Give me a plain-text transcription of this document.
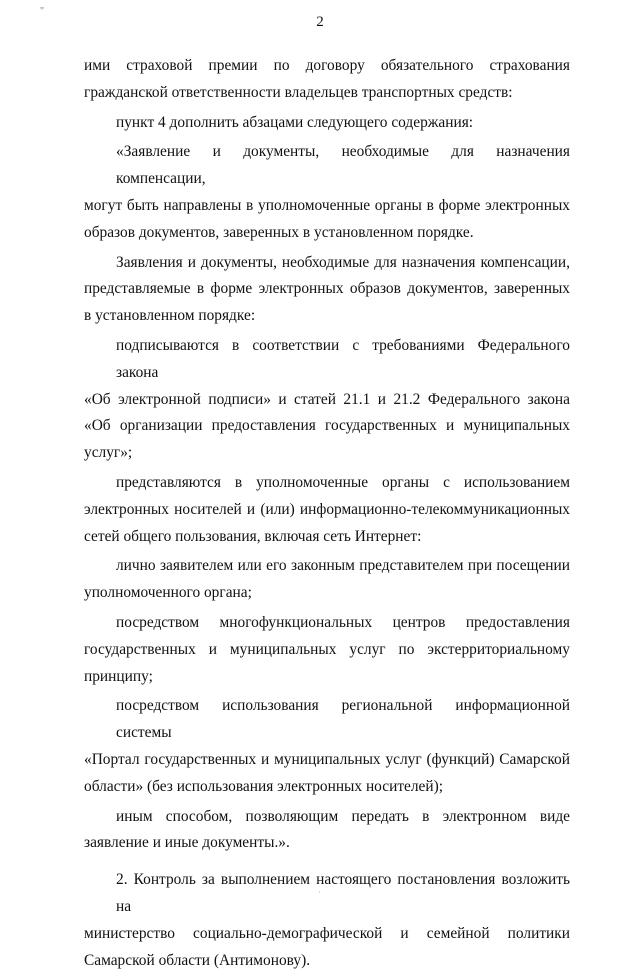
"
2

ими страховой премии по договору обязательного страхования
гражданской ответственности владельцев транспортных средств:

пункт 4 дополнить абзацами следующего содержания:

«Заявление и документы, необходимые для назначения компенсации,
могут быть направлены в уполномоченные органы в форме электронных
образов документов, заверенных в установленном порядке.

Заявления и документы, необходимые для назначения компенсации,
представляемые в форме электронных образов документов, заверенных
в установленном порядке:

подписываются в соответствии с требованиями Федерального закона
«Об электронной подписи» и статей 21.1 и 21.2 Федерального закона
«Об организации предоставления государственных и муниципальных
услуг»;

представляются в уполномоченные органы с использованием
электронных носителей и (или) информационно-телекоммуникационных
сетей общего пользования, включая сеть Интернет:

лично заявителем или его законным представителем при посещении
уполномоченного органа;

посредством многофункциональных центров предоставления
государственных и муниципальных услуг по экстерриториальному
принципу;

посредством использования региональной информационной системы
«Портал государственных и муниципальных услуг (функций) Самарской
области» (без использования электронных носителей);

иным способом, позволяющим передать в электронном виде
заявление и иные документы.».

2. Контроль за выполнением настоящего постановления возложить на
министерство социально-демографической и семейной политики
Самарской области (Антимонову).

·
